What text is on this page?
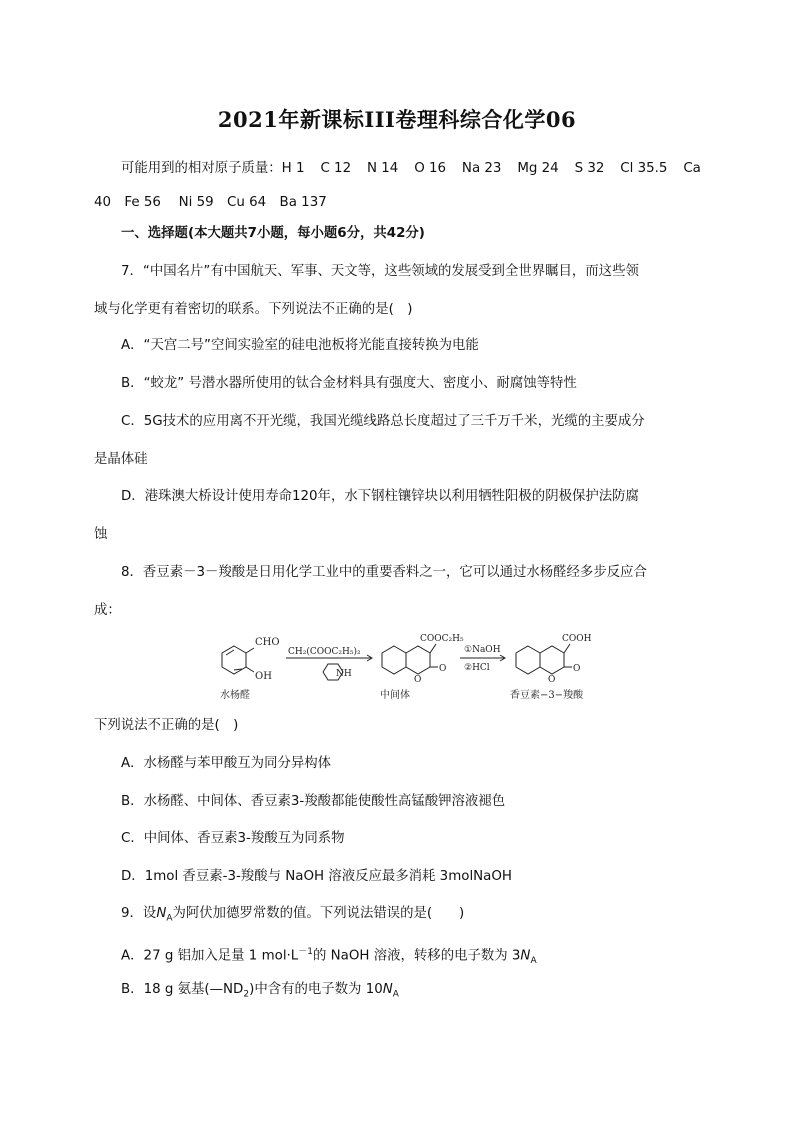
2021年新课标III卷理科综合化学06
可能用到的相对原子质量：H 1 C 12 N 14 O 16 Na 23 Mg 24 S 32 Cl 35.5 Ca
40　Fe 56　 Ni 59　Cu 64　Ba 137
一、选择题(本大题共7小题，每小题6分，共42分)
7．“中国名片”有中国航天、军事、天文等，这些领域的发展受到全世界瞩目，而这些领
域与化学更有着密切的联系。下列说法不正确的是(　)
A．“天宫二号”空间实验室的硅电池板将光能直接转换为电能
B．“蛟龙” 号潜水器所使用的钛合金材料具有强度大、密度小、耐腐蚀等特性
C．5G技术的应用离不开光缆，我国光缆线路总长度超过了三千万千米，光缆的主要成分
是晶体硅
D．港珠澳大桥设计使用寿命120年，水下钢柱镶锌块以利用牺牲阳极的阴极保护法防腐
蚀
8．香豆素－3－羧酸是日用化学工业中的重要香料之一，它可以通过水杨醛经多步反应合
成：
CHO
OH
CH₂(COOC₂H₅)₂
NH
COOC₂H₅
O
O
①NaOH
②HCl
COOH
O
O
水杨醛	中间体	香豆素−3−羧酸
下列说法不正确的是(　)
A．水杨醛与苯甲酸互为同分异构体
B．水杨醛、中间体、香豆素3-羧酸都能使酸性高锰酸钾溶液褪色
C．中间体、香豆素3-羧酸互为同系物
D．1mol 香豆素-3-羧酸与 NaOH 溶液反应最多消耗 3molNaOH
9．设$N_A$为阿伏加德罗常数的值。下列说法错误的是(　　)
A．27 g 铝加入足量 1 $mol\cdot L^{-1}$的 NaOH 溶液，转移的电子数为 $3N_A$
B．18 g 氨基$(—ND_2)$中含有的电子数为 $10N_A$
